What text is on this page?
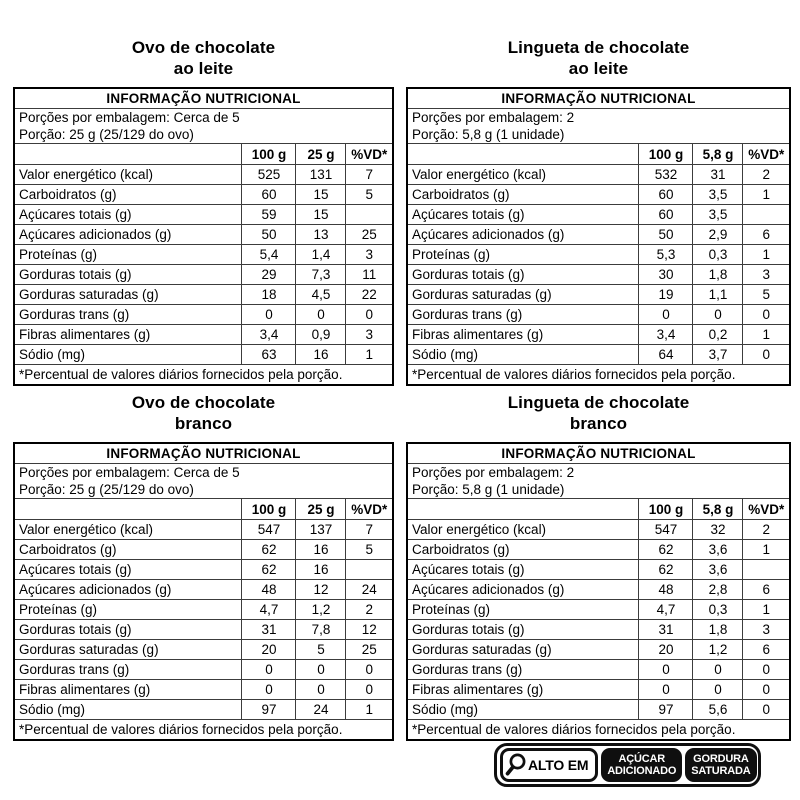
Ovo de chocolate
ao leite
INFORMAÇÃO NUTRICIONAL			

Porções por embalagem: Cerca de 5
Porção: 25 g (25/129 do ovo)			

	100 g	25 g	%VD*
Valor energético (kcal)	525	131	7
Carboidratos (g)	60	15	5
Açúcares totais (g)	59	15	
Açúcares adicionados (g)	50	13	25
Proteínas (g)	5,4	1,4	3
Gorduras totais (g)	29	7,3	11
Gorduras saturadas (g)	18	4,5	22
Gorduras trans (g)	0	0	0
Fibras alimentares (g)	3,4	0,9	3
Sódio (mg)	63	16	1
*Percentual de valores diários fornecidos pela porção.			
Lingueta de chocolate
ao leite
INFORMAÇÃO NUTRICIONAL			

Porções por embalagem: 2
Porção: 5,8 g (1 unidade)			

	100 g	5,8 g	%VD*
Valor energético (kcal)	532	31	2
Carboidratos (g)	60	3,5	1
Açúcares totais (g)	60	3,5	
Açúcares adicionados (g)	50	2,9	6
Proteínas (g)	5,3	0,3	1
Gorduras totais (g)	30	1,8	3
Gorduras saturadas (g)	19	1,1	5
Gorduras trans (g)	0	0	0
Fibras alimentares (g)	3,4	0,2	1
Sódio (mg)	64	3,7	0
*Percentual de valores diários fornecidos pela porção.			
Ovo de chocolate
branco
INFORMAÇÃO NUTRICIONAL			

Porções por embalagem: Cerca de 5
Porção: 25 g (25/129 do ovo)			

	100 g	25 g	%VD*
Valor energético (kcal)	547	137	7
Carboidratos (g)	62	16	5
Açúcares totais (g)	62	16	
Açúcares adicionados (g)	48	12	24
Proteínas (g)	4,7	1,2	2
Gorduras totais (g)	31	7,8	12
Gorduras saturadas (g)	20	5	25
Gorduras trans (g)	0	0	0
Fibras alimentares (g)	0	0	0
Sódio (mg)	97	24	1
*Percentual de valores diários fornecidos pela porção.			
Lingueta de chocolate
branco
INFORMAÇÃO NUTRICIONAL			

Porções por embalagem: 2
Porção: 5,8 g (1 unidade)			

	100 g	5,8 g	%VD*
Valor energético (kcal)	547	32	2
Carboidratos (g)	62	3,6	1
Açúcares totais (g)	62	3,6	
Açúcares adicionados (g)	48	2,8	6
Proteínas (g)	4,7	0,3	1
Gorduras totais (g)	31	1,8	3
Gorduras saturadas (g)	20	1,2	6
Gorduras trans (g)	0	0	0
Fibras alimentares (g)	0	0	0
Sódio (mg)	97	5,6	0
*Percentual de valores diários fornecidos pela porção.			
ALTO EM	AÇÚCAR
ADICIONADO
GORDURA
SATURADA
